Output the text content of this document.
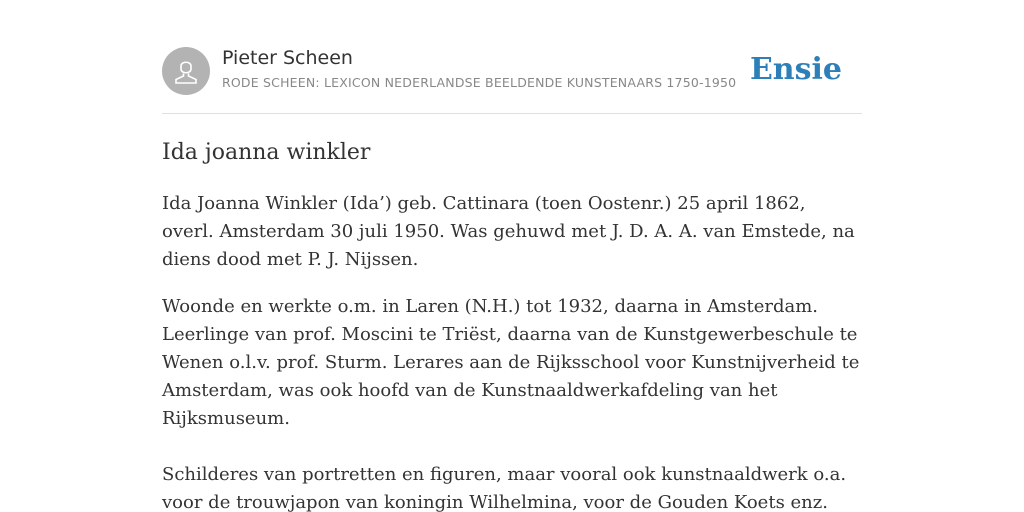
Pieter Scheen
RODE SCHEEN: LEXICON NEDERLANDSE BEELDENDE KUNSTENAARS 1750-1950 Ensie
Ida joanna winkler

Ida Joanna Winkler (Ida’) geb. Cattinara (toen Oostenr.) 25 april 1862, overl. Amsterdam 30 juli 1950. Was gehuwd met J. D. A. A. van Emstede, na diens dood met P. J. Nijssen.

Woonde en werkte o.m. in Laren (N.H.) tot 1932, daarna in Amsterdam. Leerlinge van prof. Moscini te Triëst, daarna van de Kunstgewerbeschule te Wenen o.l.v. prof. Sturm. Lerares aan de Rijksschool voor Kunstnijverheid te Amsterdam, was ook hoofd van de Kunstnaaldwerkafdeling van het Rijksmuseum.

Schilderes van portretten en figuren, maar vooral ook kunstnaaldwerk o.a. voor de trouwjapon van koningin Wilhelmina, voor de Gouden Koets enz.
